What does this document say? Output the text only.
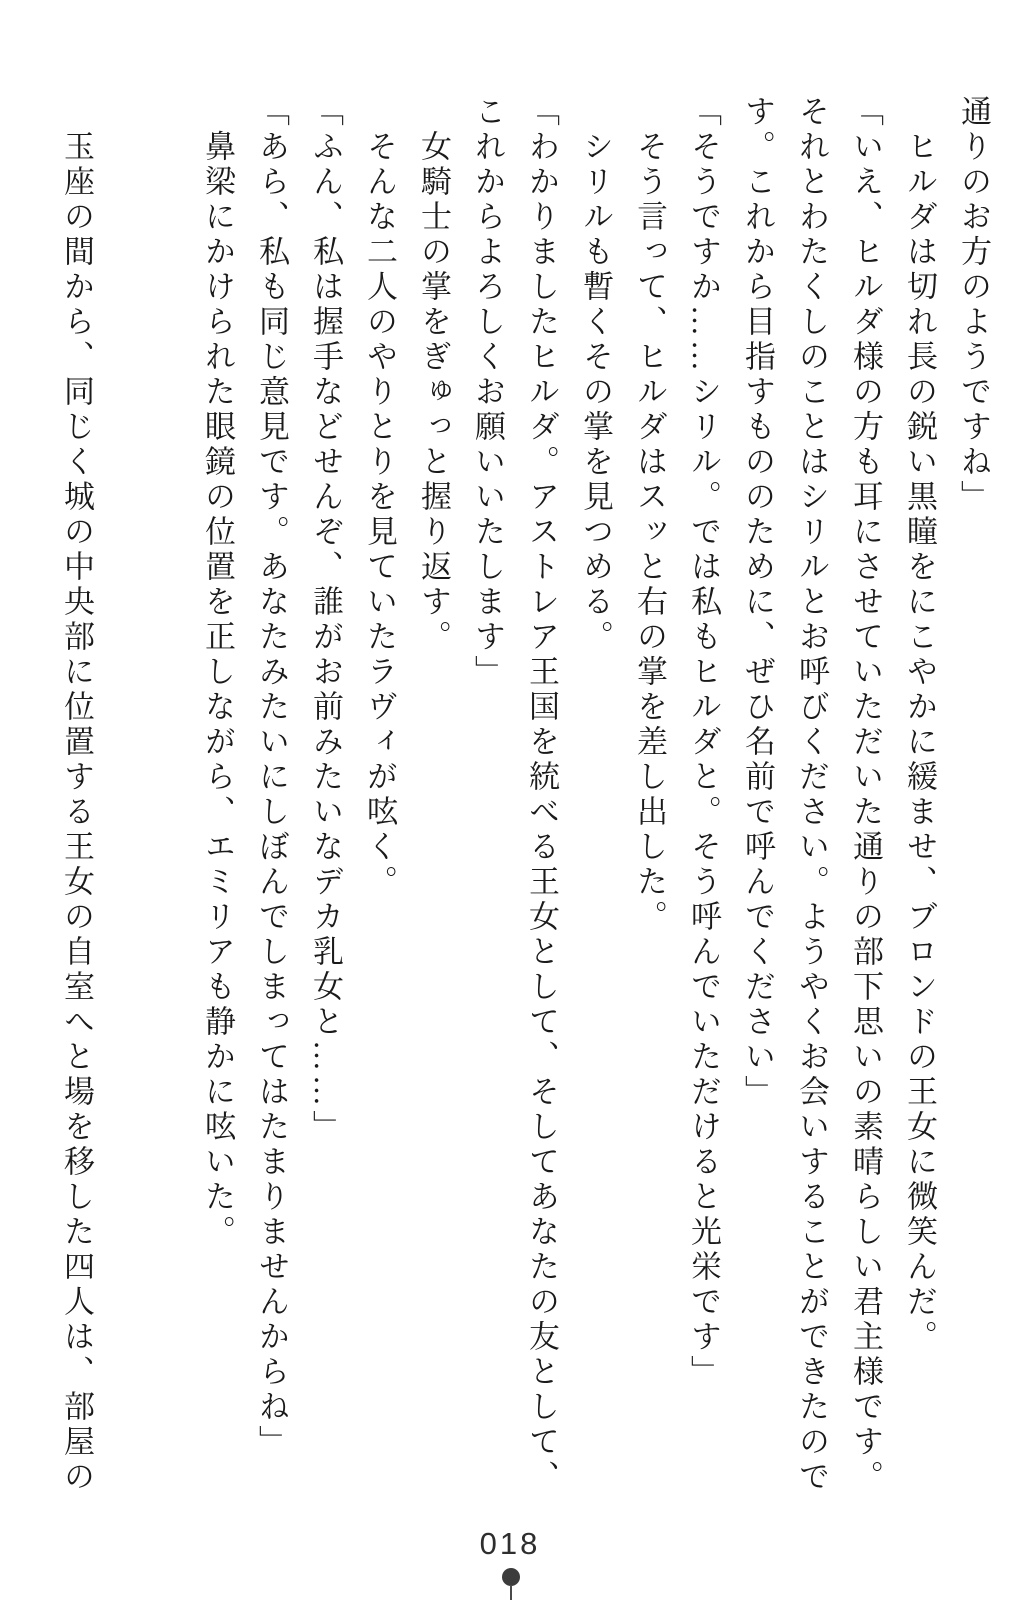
通りのお方のようですね」
　ヒルダは切れ長の鋭い黒瞳をにこやかに緩ませ、ブロンドの王女に微笑んだ。
「いえ、ヒルダ様の方も耳にさせていただいた通りの部下思いの素晴らしい君主様です。
それとわたくしのことはシリルとお呼びください。ようやくお会いすることができたので
す。これから目指すもののために、ぜひ名前で呼んでください」
「そうですか……シリル。では私もヒルダと。そう呼んでいただけると光栄です」
　そう言って、ヒルダはスッと右の掌を差し出した。
　シリルも暫くその掌を見つめる。
「わかりましたヒルダ。アストレア王国を統べる王女として、そしてあなたの友として、
これからよろしくお願いいたします」
　女騎士の掌をぎゅっと握り返す。
　そんな二人のやりとりを見ていたラヴィが呟く。
「ふん、私は握手などせんぞ、誰がお前みたいなデカ乳女と……」
「あら、私も同じ意見です。あなたみたいにしぼんでしまってはたまりませんからね」
　鼻梁にかけられた眼鏡の位置を正しながら、エミリアも静かに呟いた。
　玉座の間から、同じく城の中央部に位置する王女の自室へと場を移した四人は、部屋の
018
